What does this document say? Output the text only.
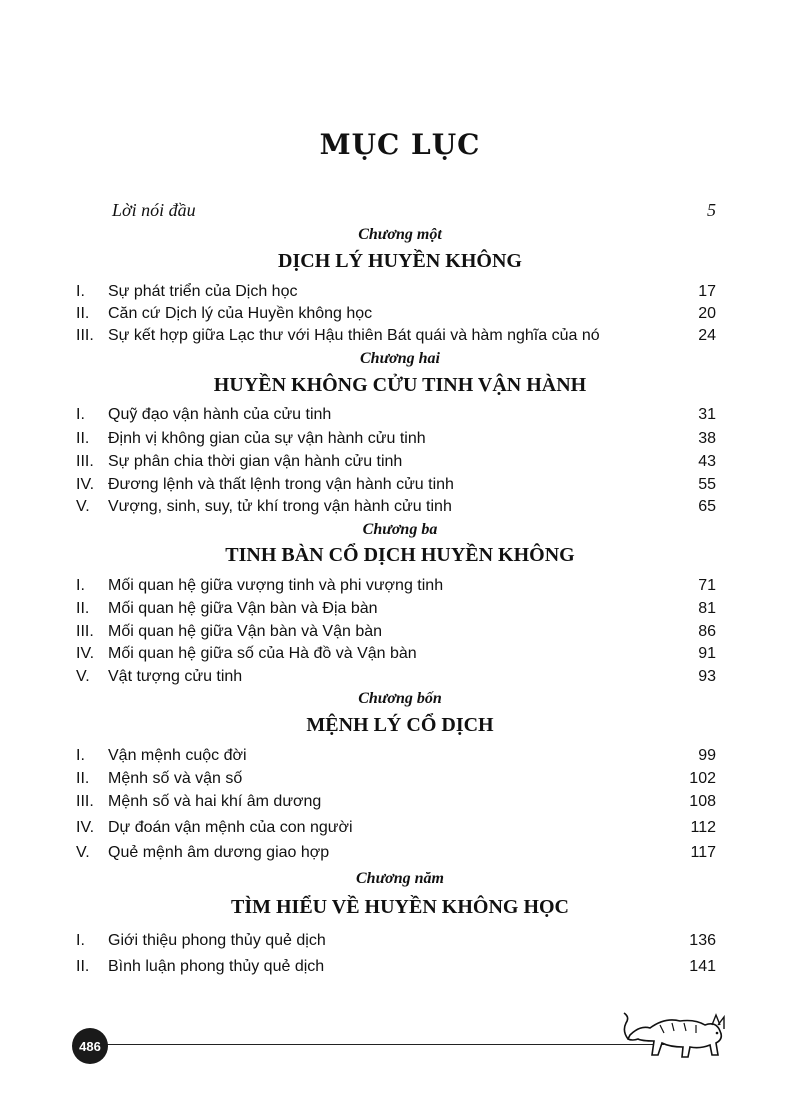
MỤC LỤC
Lời nói đầu	5
Chương một
DỊCH LÝ HUYỀN KHÔNG
I. Sự phát triển của Dịch học	17
II. Căn cứ Dịch lý của Huyền không học	20
III. Sự kết hợp giữa Lạc thư với Hậu thiên Bát quái và hàm nghĩa của nó	24
Chương hai
HUYỀN KHÔNG CỬU TINH VẬN HÀNH
I. Quỹ đạo vận hành của cửu tinh	31
II. Định vị không gian của sự vận hành cửu tinh	38
III. Sự phân chia thời gian vận hành cửu tinh	43
IV. Đương lệnh và thất lệnh trong vận hành cửu tinh	55
V. Vượng, sinh, suy, tử khí trong vận hành cửu tinh	65
Chương ba
TINH BÀN CỔ DỊCH HUYỀN KHÔNG
I. Mối quan hệ giữa vượng tinh và phi vượng tinh	71
II. Mối quan hệ giữa Vận bàn và Địa bàn	81
III. Mối quan hệ giữa Vận bàn và Vận bàn	86
IV. Mối quan hệ giữa số của Hà đồ và Vận bàn	91
V. Vật tượng cửu tinh	93
Chương bốn
MỆNH LÝ CỔ DỊCH
I. Vận mệnh cuộc đời	99
II. Mệnh số và vận số	102
III. Mệnh số và hai khí âm dương	108
IV. Dự đoán vận mệnh của con người	112
V. Quẻ mệnh âm dương giao hợp	117
Chương năm
TÌM HIỂU VỀ HUYỀN KHÔNG HỌC
I. Giới thiệu phong thủy quẻ dịch	136
II. Bình luận phong thủy quẻ dịch	141
486
